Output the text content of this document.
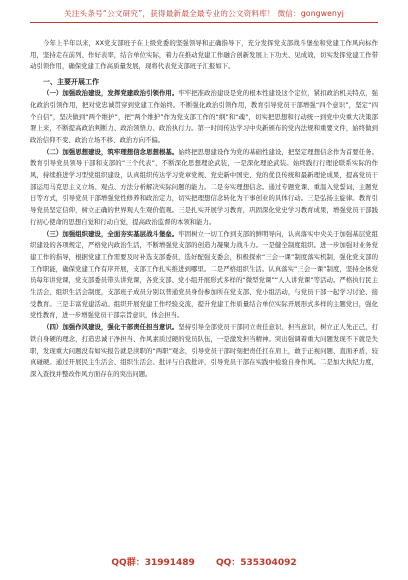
关注头条号“公文研究”，获得最新最全最专业的公文资料库！ 微信：gongwenyj

今年上半年以来，XX党支部班子在上级党委的坚强领导和正确指导下，充分发挥党支部战斗堡垒和党建工作风向标作用，坚持走在前列、作好表率，结合单位实际，着力在推动党建工作融合创新发展上下功夫、见成效，切实发挥党建工作带动引领作用，确保党建工作高质量发展，现将代表党支部班子汇报如下。

一、主要开展工作

（一）加强政治建设，发挥党建政治引领作用。牢牢把准政治建设是党的根本性建设这个定位，紧扣政治机关特点，强化政治引领作用，把对党忠诚贯穿到党建工作始终。不断强化政治引领作用，教育引导党员干部增强“四个意识”，坚定“四个自信”，坚决做到“两个维护”，把“两个维护”作为党支部工作的“纲”和“魂”，切实把思想和行动统一到党中央重大决策部署上来，不断提高政治判断力、政治领悟力、政治执行力。第一时间传达学习中央新颁布的党内法规和重要文件，始终做到政治信仰不变、政治立场不移、政治方向不偏。

（二）加强思想建设，筑牢理想信念思想根基。始终把思想建设作为党的基础性建设，把坚定理想信念作为首要任务。教育引导党员领导干部和支部的“三个代表”，不断深化思想理论武装，一是深化理论武装。始终践行行理论联系实际的作风，持续推进学习型党组织建设，认真组织传达学习党章党规、党史新中国史、党的优良传统和最新理论成果，提高党员干部运用马克思主义立场、观点、方法分析解决实际问题的能力。二是夯实理想信念。通过专题党课、重温入党誓词、主题党日等方式，引导党员干部增强党性修养和政治定力，切实把理想信念转化为干事创业的具体行动。三是弘扬主旋律。教育引导党员坚定信仰，树立正确的世界观人生观价值观。三是扎实开展学习教育，巩固深化党史学习教育成果，增强党员干部践行初心使命的思想自觉和行动自觉，提高政治监督的本领和能力。

（三）加强组织建设，全面夯实基层战斗堡垒。牢固树立一切工作到支部的鲜明导向，认真落实中央关于加强基层党组织建设的各项规定，严格党内政治生活，不断增强党支部的创造力凝聚力战斗力。一是健全制度组织。进一步加强对业务党建工作的指导，根据党建工作需要及时补选支部委员，选好配强支委会，积极探索“三会一课”制度落实机制，强化党支部的工作职能，确保党建工作有序开展，支部工作扎实推进到哪里。二是严格组织生活。认真落实“三会一课”制度，坚持全体党员每年讲党课，党支部委员带头讲党课，各党支部、党小组开展形式多样的“微型党课”“人人讲党课”等活动。严格执行民主生活会、组织生活会制度，支部班子成员分别以普通党员身份参加所在党支部、党小组活动，与党员干部一起学习讨论、接受教育。三是丰富党建活动。组织开展党建工作经验交流，提升党建工作质量结合单位实际开展形式多样的主题党日，强化党性教育，进一步增强党员干部宗旨意识，体会担当。

（四）加强作风建设，强化干部责任担当意识。坚持引导全部党员干部同立责任意识、担当意识，树立正人先正己，打铁自身硬的理念，打造忠诚干净担当、作风素质过硬的党员队伍，一是激发担当精神。突出强调着重大问题发现不下就是失职，发现重大问题没有如实报告就是渎职的“两职”观念，引导党员干部时刻把责任扛在肩上，敢于正视问题、直面矛盾，较真碰硬。通过开展民主生活会、组织生活会、批评与自我批评，引导党员干部在实践中检验自身作风。二是加大执纪力度，深入查找并整改作风方面存在的突出问题。

QQ群：31991489 QQ：535304092
